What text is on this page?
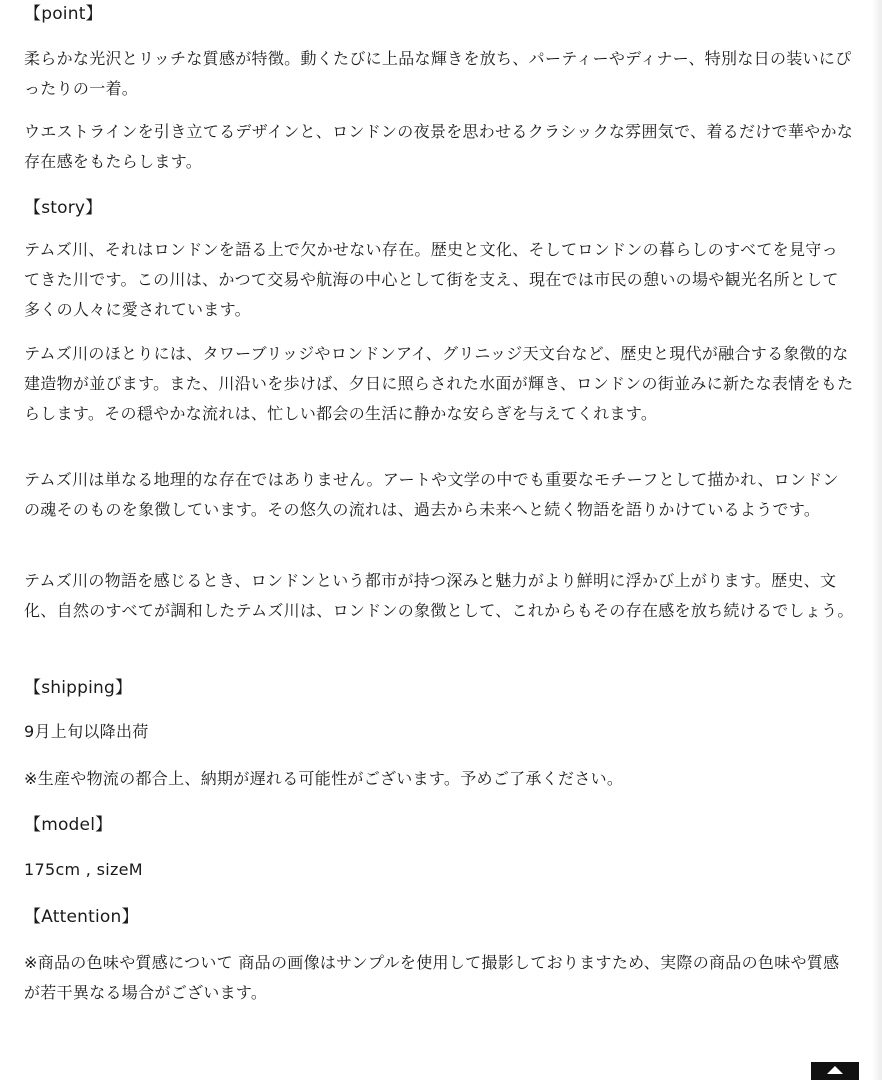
【point】

柔らかな光沢とリッチな質感が特徴。動くたびに上品な輝きを放ち、パーティーやディナー、特別な日の装いにぴったりの一着。

ウエストラインを引き立てるデザインと、ロンドンの夜景を思わせるクラシックな雰囲気で、着るだけで華やかな存在感をもたらします。

【story】

テムズ川、それはロンドンを語る上で欠かせない存在。歴史と文化、そしてロンドンの暮らしのすべてを見守ってきた川です。この川は、かつて交易や航海の中心として街を支え、現在では市民の憩いの場や観光名所として多くの人々に愛されています。

テムズ川のほとりには、タワーブリッジやロンドンアイ、グリニッジ天文台など、歴史と現代が融合する象徴的な建造物が並びます。また、川沿いを歩けば、夕日に照らされた水面が輝き、ロンドンの街並みに新たな表情をもたらします。その穏やかな流れは、忙しい都会の生活に静かな安らぎを与えてくれます。

テムズ川は単なる地理的な存在ではありません。アートや文学の中でも重要なモチーフとして描かれ、ロンドンの魂そのものを象徴しています。その悠久の流れは、過去から未来へと続く物語を語りかけているようです。

テムズ川の物語を感じるとき、ロンドンという都市が持つ深みと魅力がより鮮明に浮かび上がります。歴史、文化、自然のすべてが調和したテムズ川は、ロンドンの象徴として、これからもその存在感を放ち続けるでしょう。

【shipping】

9月上旬以降出荷

※生産や物流の都合上、納期が遅れる可能性がございます。予めご了承ください。

【model】

175cm , sizeM

【Attention】

※商品の色味や質感について 商品の画像はサンプルを使用して撮影しておりますため、実際の商品の色味や質感が若干異なる場合がございます。
